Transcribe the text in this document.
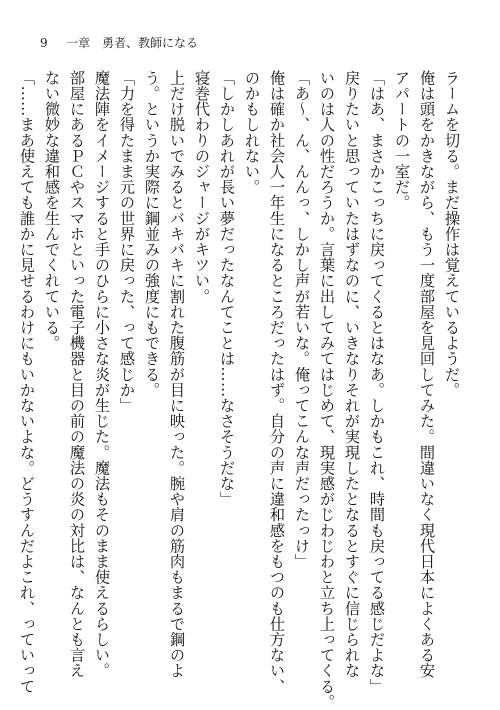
9 一章　勇者、教師になる
ラームを切る。まだ操作は覚えているようだ。
俺は頭をかきながら、もう一度部屋を見回してみた。間違いなく現代日本によくある安
アパートの一室だ。
「はあ、まさかこっちに戻ってくるとはなあ。しかもこれ、時間も戻ってる感じだよな」
戻りたいと思っていたはずなのに、いきなりそれが実現したとなるとすぐに信じられな
いのは人の性だろうか。言葉に出してみてはじめて、現実感がじわじわと立ち上ってくる。
「あ〜、ん、んんっ、しかし声が若いな。俺ってこんな声だったっけ」
俺は確か社会人一年生になるところだったはず。自分の声に違和感をもつのも仕方ない、
のかもしれない。
「しかしあれが長い夢だったなんてことは……なさそうだな」
寝巻代わりのジャージがキツい。
上だけ脱いでみるとバキバキに割れた腹筋が目に映った。腕や肩の筋肉もまるで鋼のよ
う。というか実際に鋼並みの強度にもできる。
「力を得たまま元の世界に戻った、って感じか」
魔法陣をイメージすると手のひらに小さな炎が生じた。魔法もそのまま使えるらしい。
部屋にあるＰＣやスマホといった電子機器と目の前の魔法の炎の対比は、なんとも言え
ない微妙な違和感を生んでくれている。
「……まあ使えても誰かに見せるわけにもいかないよな。どうすんだよこれ、っていって
